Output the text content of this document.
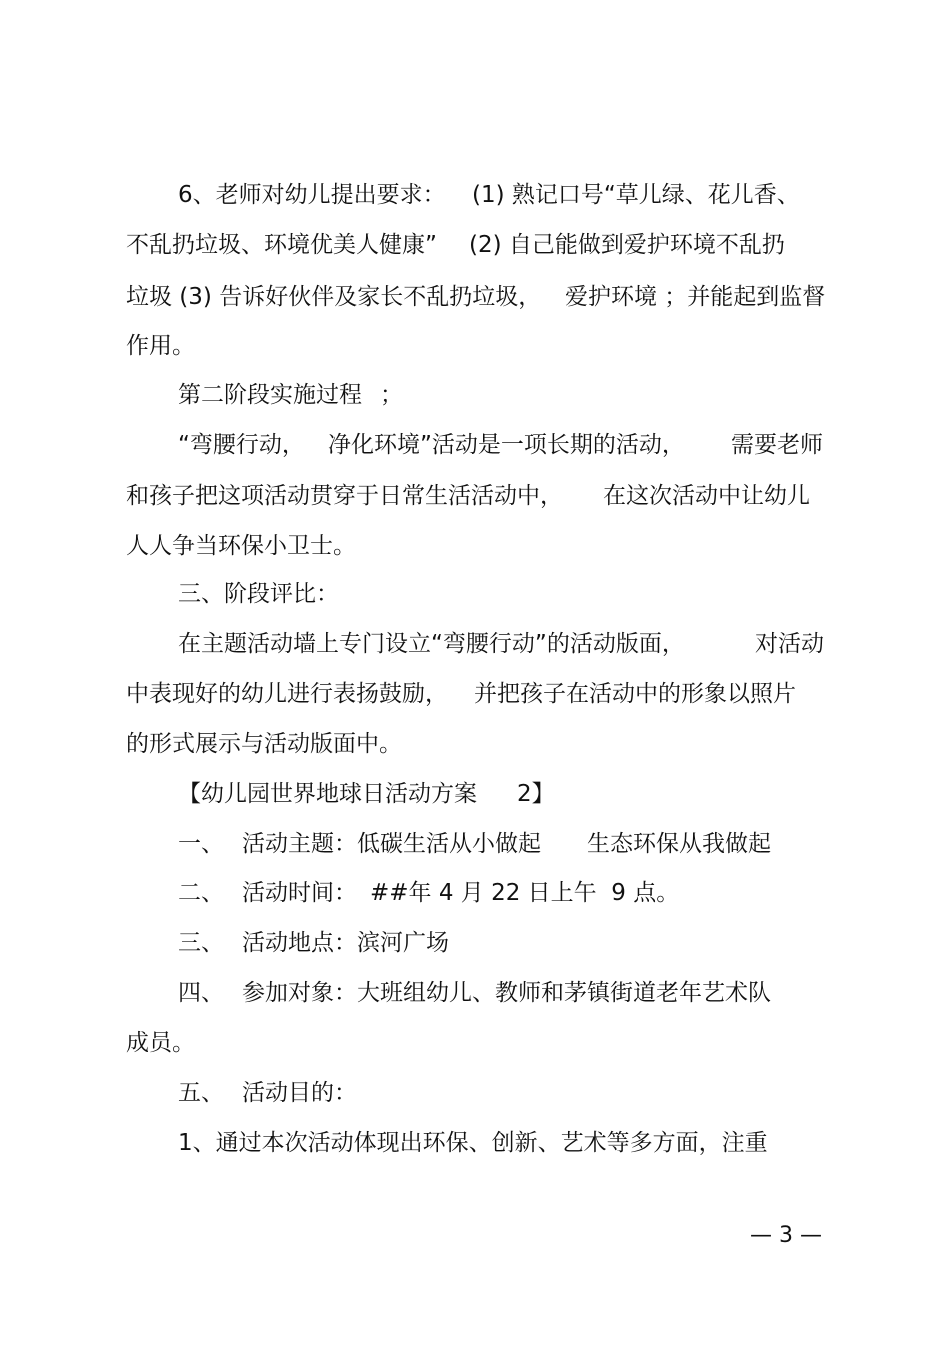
6、老师对幼儿提出要求：

(1) 熟记口号“草儿绿、花儿香、

不乱扔垃圾、环境优美人健康”

(2) 自己能做到爱护环境不乱扔

垃圾 (3) 告诉好伙伴及家长不乱扔垃圾，

爱护环境 ；并能起到监督

作用。

第二阶段实施过程

；

“弯腰行动，

净化环境”活动是一项长期的活动，

需要老师

和孩子把这项活动贯穿于日常生活活动中，

在这次活动中让幼儿

人人争当环保小卫士。

三、阶段评比：

在主题活动墙上专门设立“弯腰行动”的活动版面，

	对活动

中表现好的幼儿进行表扬鼓励，

并把孩子在活动中的形象以照片

的形式展示与活动版面中。

【幼儿园世界地球日活动方案

2】

一、

活动主题：低碳生活从小做起

生态环保从我做起

二、

活动时间：

##年 4 月 22 日上午  9 点。

三、

活动地点：滨河广场

四、

参加对象：大班组幼儿、教师和茅镇街道老年艺术队

成员。

五、

活动目的：

1、通过本次活动体现出环保、创新、艺术等多方面，注重

— 3 —
